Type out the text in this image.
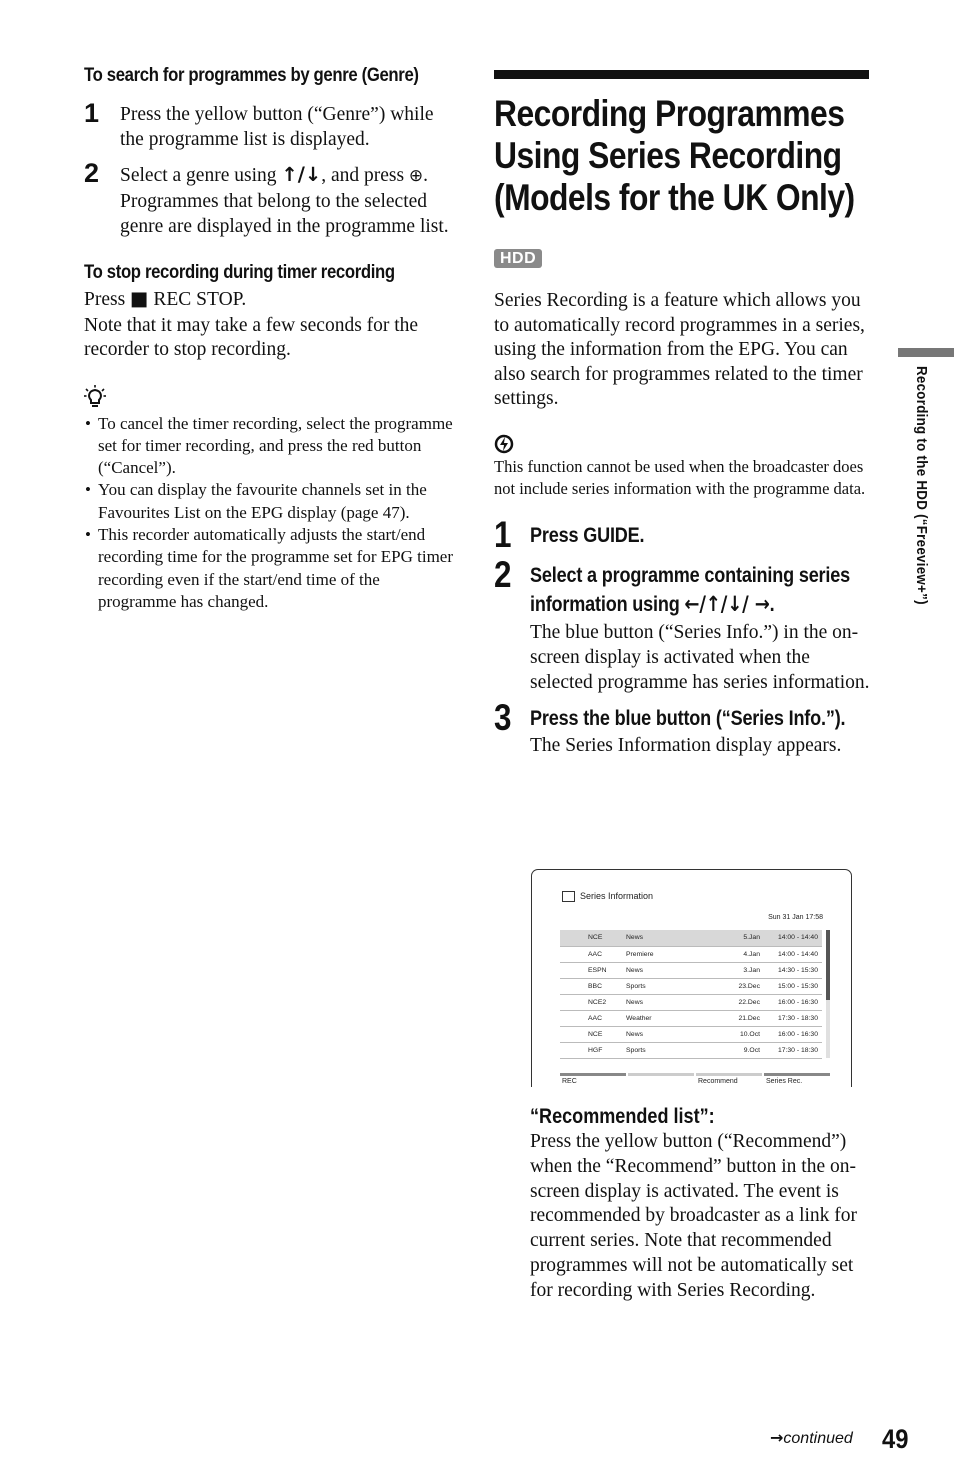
To search for programmes by genre (Genre)
1 Press the yellow button (“Genre”) while the programme list is displayed.
2 Select a genre using ↑/↓, and press ⊕. Programmes that belong to the selected genre are displayed in the programme list.
To stop recording during timer recording
Press ■ REC STOP.
Note that it may take a few seconds for the recorder to stop recording.
• To cancel the timer recording, select the programme set for timer recording, and press the red button (“Cancel”).
• You can display the favourite channels set in the Favourites List on the EPG display (page 47).
• This recorder automatically adjusts the start/end recording time for the programme set for EPG timer recording even if the start/end time of the programme has changed.
Recording Programmes Using Series Recording (Models for the UK Only)
HDD
Series Recording is a feature which allows you to automatically record programmes in a series, using the information from the EPG. You can also search for programmes related to the timer settings.
This function cannot be used when the broadcaster does not include series information with the programme data.
1 Press GUIDE.
2 Select a programme containing series information using ←/↑/↓/ →.
The blue button (“Series Info.”) in the on-screen display is activated when the selected programme has series information.
3 Press the blue button (“Series Info.”).
The Series Information display appears.
Series Information
Sun 31 Jan 17:58
NCE	News	5.Jan	14:00 - 14:40
AAC	Premiere	4.Jan	14:00 - 14:40
ESPN	News	3.Jan	14:30 - 15:30
BBC	Sports	23.Dec	15:00 - 15:30
NCE2	News	22.Dec	16:00 - 16:30
AAC	Weather	21.Dec	17:30 - 18:30
NCE	News	10.Oct	16:00 - 16:30
HGF	Sports	9.Oct	17:30 - 18:30
REC	Recommend	Series Rec.
“Recommended list”:
Press the yellow button (“Recommend”) when the “Recommend” button in the on-screen display is activated. The event is recommended by broadcaster as a link for current series. Note that recommended programmes will not be automatically set for recording with Series Recording.
Recording to the HDD (“Freeview+”)
→continued 49
